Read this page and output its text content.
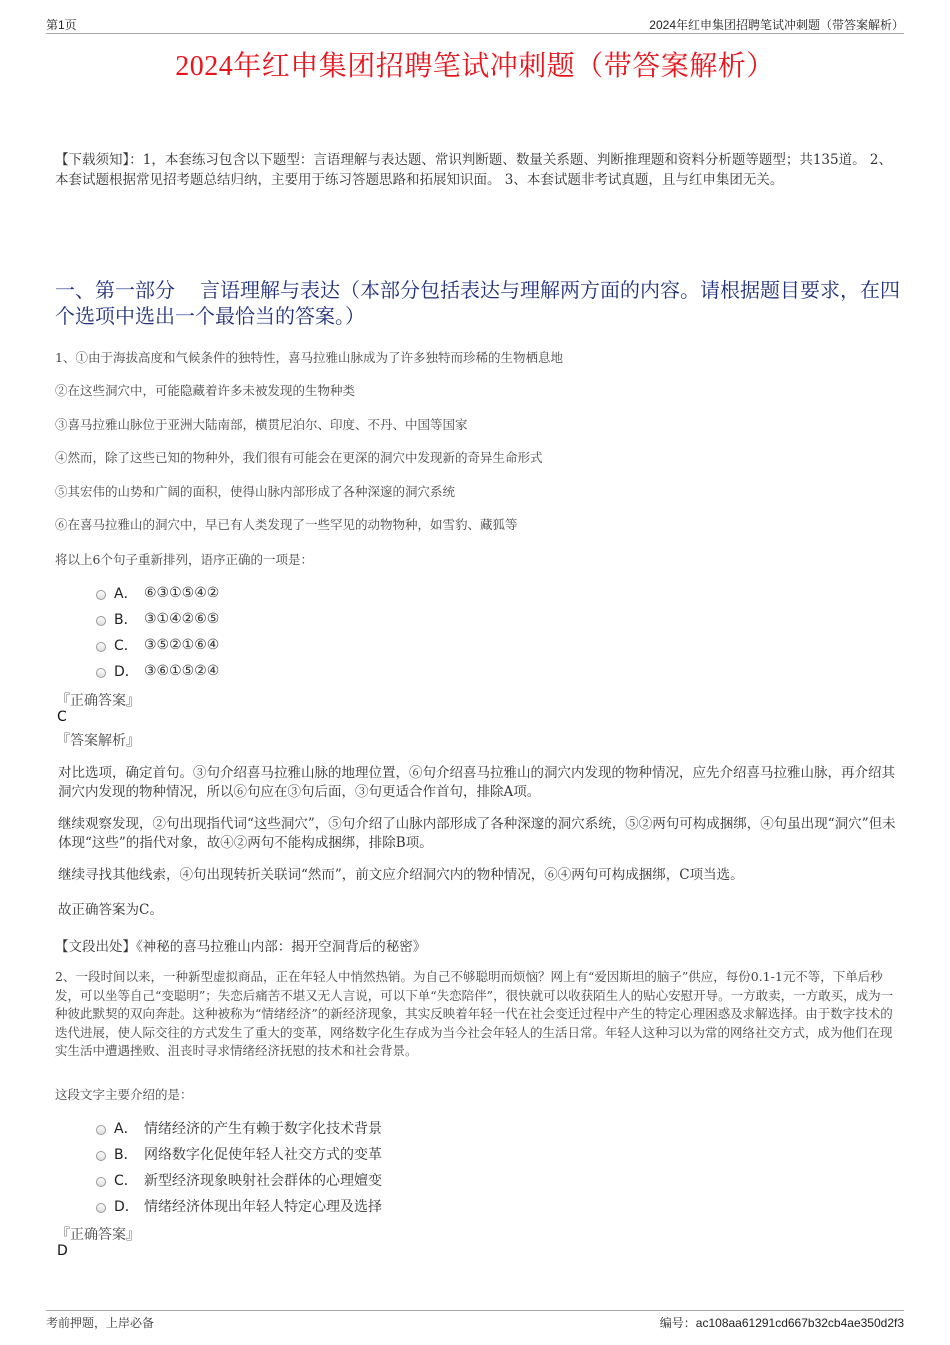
第1页	2024年红申集团招聘笔试冲刺题（带答案解析）
2024年红申集团招聘笔试冲刺题（带答案解析）
【下载须知】：1，本套练习包含以下题型：言语理解与表达题、常识判断题、数量关系题、判断推理题和资料分析题等题型；共135道。 2、本套试题根据常见招考题总结归纳，主要用于练习答题思路和拓展知识面。 3、本套试题非考试真题，且与红申集团无关。
一、第一部分　 言语理解与表达（本部分包括表达与理解两方面的内容。请根据题目要求，在四个选项中选出一个最恰当的答案。）
1、①由于海拔高度和气候条件的独特性，喜马拉雅山脉成为了许多独特而珍稀的生物栖息地
②在这些洞穴中，可能隐藏着许多未被发现的生物种类
③喜马拉雅山脉位于亚洲大陆南部，横贯尼泊尔、印度、不丹、中国等国家
④然而，除了这些已知的物种外，我们很有可能会在更深的洞穴中发现新的奇异生命形式
⑤其宏伟的山势和广阔的面积，使得山脉内部形成了各种深邃的洞穴系统
⑥在喜马拉雅山的洞穴中，早已有人类发现了一些罕见的动物物种，如雪豹、藏狐等
将以上6个句子重新排列，语序正确的一项是：
A． ⑥③①⑤④②
B． ③①④②⑥⑤
C． ③⑤②①⑥④
D． ③⑥①⑤②④
『正确答案』
C
『答案解析』
对比选项，确定首句。③句介绍喜马拉雅山脉的地理位置，⑥句介绍喜马拉雅山的洞穴内发现的物种情况，应先介绍喜马拉雅山脉，再介绍其洞穴内发现的物种情况，所以⑥句应在③句后面，③句更适合作首句，排除A项。
继续观察发现，②句出现指代词“这些洞穴”，⑤句介绍了山脉内部形成了各种深邃的洞穴系统，⑤②两句可构成捆绑，④句虽出现“洞穴”但未体现“这些”的指代对象，故④②两句不能构成捆绑，排除B项。
继续寻找其他线索，④句出现转折关联词“然而”，前文应介绍洞穴内的物种情况，⑥④两句可构成捆绑，C项当选。
故正确答案为C。
【文段出处】《神秘的喜马拉雅山内部：揭开空洞背后的秘密》
2、一段时间以来，一种新型虚拟商品，正在年轻人中悄然热销。为自己不够聪明而烦恼？网上有“爱因斯坦的脑子”供应，每份0.1-1元不等，下单后秒发，可以坐等自己“变聪明”；失恋后痛苦不堪又无人言说，可以下单“失恋陪伴”，很快就可以收获陌生人的贴心安慰开导。一方敢卖，一方敢买，成为一种彼此默契的双向奔赴。这种被称为“情绪经济”的新经济现象，其实反映着年轻一代在社会变迁过程中产生的特定心理困惑及求解选择。由于数字技术的迭代进展，使人际交往的方式发生了重大的变革，网络数字化生存成为当今社会年轻人的生活日常。年轻人这种习以为常的网络社交方式，成为他们在现实生活中遭遇挫败、沮丧时寻求情绪经济抚慰的技术和社会背景。
这段文字主要介绍的是：
A． 情绪经济的产生有赖于数字化技术背景
B． 网络数字化促使年轻人社交方式的变革
C． 新型经济现象映射社会群体的心理嬗变
D． 情绪经济体现出年轻人特定心理及选择
『正确答案』
D
考前押题，上岸必备	编号：ac108aa61291cd667b32cb4ae350d2f3
